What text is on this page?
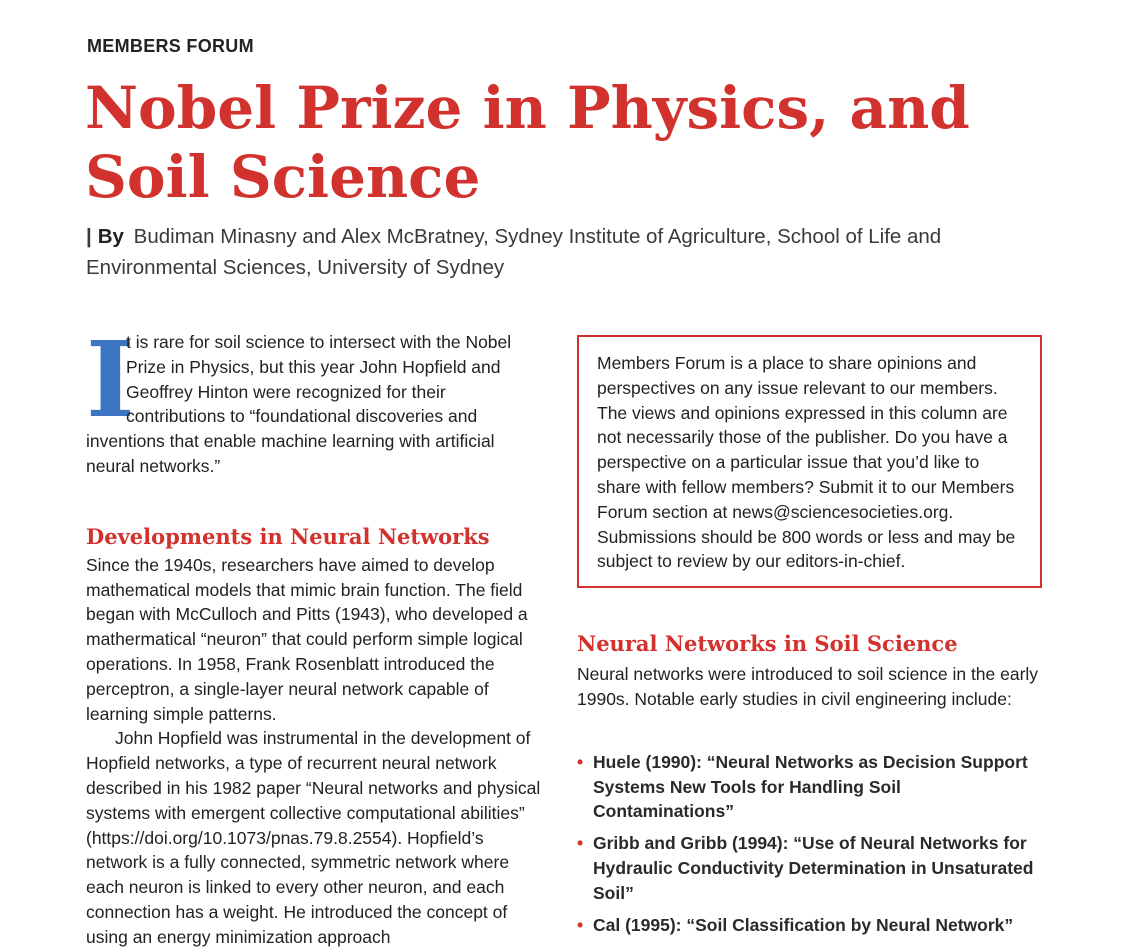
MEMBERS FORUM
Nobel Prize in Physics, and Soil Science
| By Budiman Minasny and Alex McBratney, Sydney Institute of Agriculture, School of Life and Environmental Sciences, University of Sydney

I
t is rare for soil science to intersect with the Nobel Prize in Physics, but this year John Hopfield and Geoffrey Hinton were recognized for their contributions to “foundational discoveries and inventions that enable machine learning with artificial neural networks.”

Developments in Neural Networks

Since the 1940s, researchers have aimed to develop mathematical models that mimic brain function. The field began with McCulloch and Pitts (1943), who developed a mathermatical “neuron” that could perform simple logical operations. In 1958, Frank Rosenblatt introduced the perceptron, a single-layer neural network capable of learning simple patterns.

John Hopfield was instrumental in the development of Hopfield networks, a type of recurrent neural network described in his 1982 paper “Neural networks and physical systems with emergent collective computational abilities” (https://doi.org/10.1073/pnas.79.8.2554). Hopfield’s network is a fully connected, symmetric network where each neuron is linked to every other neuron, and each connection has a weight. He introduced the concept of using an energy minimization approach

Members Forum is a place to share opinions and perspectives on any issue relevant to our members. The views and opinions expressed in this column are not necessarily those of the publisher. Do you have a perspective on a particular issue that you’d like to share with fellow members? Submit it to our Members Forum section at news@sciencesocieties.org. Submissions should be 800 words or less and may be subject to review by our editors-in-chief.

Neural Networks in Soil Science

Neural networks were introduced to soil science in the early 1990s. Notable early studies in civil engineering include:

• Huele (1990): “Neural Networks as Decision Support Systems New Tools for Handling Soil Contaminations”
• Gribb and Gribb (1994): “Use of Neural Networks for Hydraulic Conductivity Determination in Unsaturated Soil”
• Cal (1995): “Soil Classification by Neural Network”
